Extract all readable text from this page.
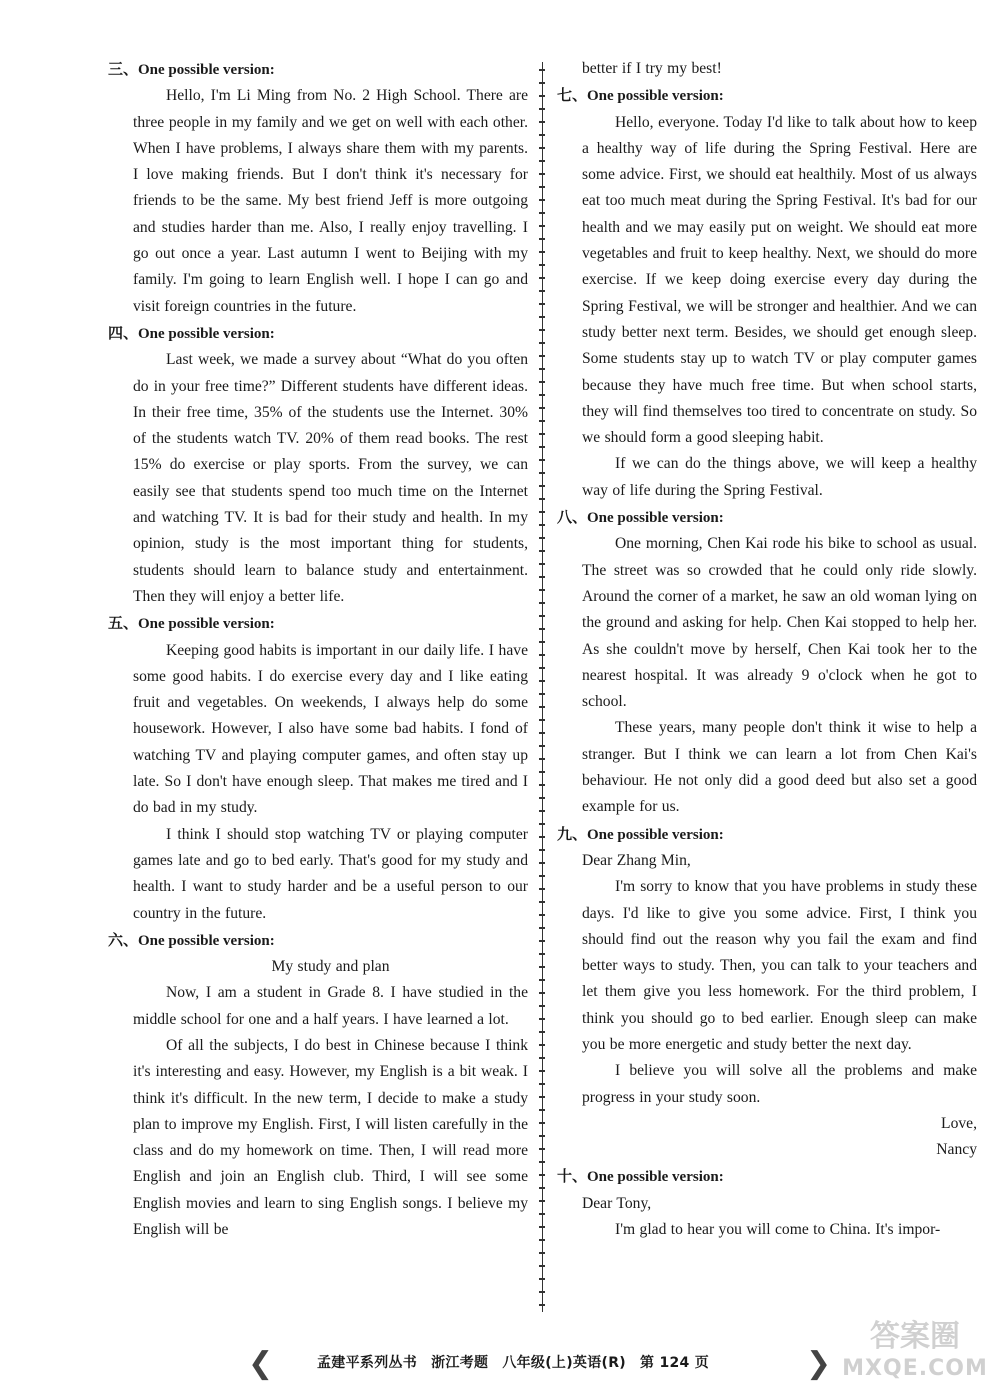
三、One possible version:

Hello, I'm Li Ming from No. 2 High School. There are three people in my family and we get on well with each other. When I have problems, I always share them with my parents. I love making friends. But I don't think it's necessary for friends to be the same. My best friend Jeff is more outgoing and studies harder than me. Also, I really enjoy travelling. I go out once a year. Last autumn I went to Beijing with my family. I'm going to learn English well. I hope I can go and visit foreign countries in the future.

四、One possible version:

Last week, we made a survey about “What do you often do in your free time?” Different students have different ideas. In their free time, 35% of the students use the Internet. 30% of the students watch TV. 20% of them read books. The rest 15% do exercise or play sports. From the survey, we can easily see that students spend too much time on the Internet and watching TV. It is bad for their study and health. In my opinion, study is the most important thing for students, students should learn to balance study and entertainment. Then they will enjoy a better life.

五、One possible version:

Keeping good habits is important in our daily life. I have some good habits. I do exercise every day and I like eating fruit and vegetables. On weekends, I always help do some housework. However, I also have some bad habits. I fond of watching TV and playing computer games, and often stay up late. So I don't have enough sleep. That makes me tired and I do bad in my study.

I think I should stop watching TV or playing computer games late and go to bed early. That's good for my study and health. I want to study harder and be a useful person to our country in the future.

六、One possible version:

My study and plan

Now, I am a student in Grade 8. I have studied in the middle school for one and a half years. I have learned a lot.

Of all the subjects, I do best in Chinese because I think it's interesting and easy. However, my English is a bit weak. I think it's difficult. In the new term, I decide to make a study plan to improve my English. First, I will listen carefully in the class and do my homework on time. Then, I will read more English and join an English club. Third, I will see some English movies and learn to sing English songs. I believe my English will be

better if I try my best!

七、One possible version:

Hello, everyone. Today I'd like to talk about how to keep a healthy way of life during the Spring Festival. Here are some advice. First, we should eat healthily. Most of us always eat too much meat during the Spring Festival. It's bad for our health and we may easily put on weight. We should eat more vegetables and fruit to keep healthy. Next, we should do more exercise. If we keep doing exercise every day during the Spring Festival, we will be stronger and healthier. And we can study better next term. Besides, we should get enough sleep. Some students stay up to watch TV or play computer games because they have much free time. But when school starts, they will find themselves too tired to concentrate on study. So we should form a good sleeping habit.

If we can do the things above, we will keep a healthy way of life during the Spring Festival.

八、One possible version:

One morning, Chen Kai rode his bike to school as usual. The street was so crowded that he could only ride slowly. Around the corner of a market, he saw an old woman lying on the ground and asking for help. Chen Kai stopped to help her. As she couldn't move by herself, Chen Kai took her to the nearest hospital. It was already 9 o'clock when he got to school.

These years, many people don't think it wise to help a stranger. But I think we can learn a lot from Chen Kai's behaviour. He not only did a good deed but also set a good example for us.

九、One possible version:

Dear Zhang Min,

I'm sorry to know that you have problems in study these days. I'd like to give you some advice. First, I think you should find out the reason why you fail the exam and find better ways to study. Then, you can talk to your teachers and let them give you less homework. For the third problem, I think you should go to bed earlier. Enough sleep can make you be more energetic and study better the next day.

I believe you will solve all the problems and make progress in your study soon.

Love,

Nancy

十、One possible version:

Dear Tony,

I'm glad to hear you will come to China. It's impor-

❮	孟建平系列丛书 浙江考题 八年级(上)英语(R) 第 124 页	❯
答案圈
MXQE.COM
